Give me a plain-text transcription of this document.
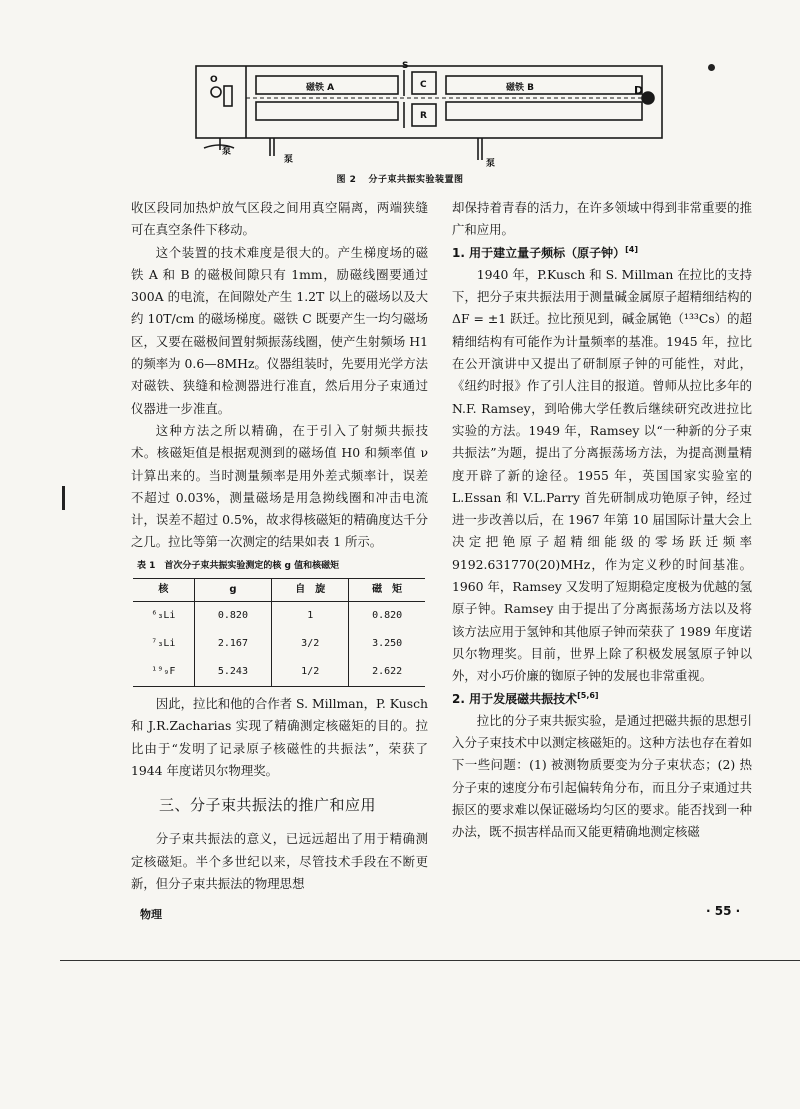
O
S
C
R
D
磁铁 A	磁铁 B
泵
泵	泵
图 2 分子束共振实验装置图

收区段同加热炉放气区段之间用真空隔离，两端狭缝可在真空条件下移动。

这个装置的技术难度是很大的。产生梯度场的磁铁 A 和 B 的磁极间隙只有 1mm，励磁线圈要通过 300A 的电流，在间隙处产生 1.2T 以上的磁场以及大约 10T/cm 的磁场梯度。磁铁 C 既要产生一均匀磁场区，又要在磁极间置射频振荡线圈，使产生射频场 H1 的频率为 0.6—8MHz。仪器组装时，先要用光学方法对磁铁、狭缝和检测器进行准直，然后用分子束通过仪器进一步准直。

这种方法之所以精确，在于引入了射频共振技术。核磁矩值是根据观测到的磁场值 H0 和频率值 ν 计算出来的。当时测量频率是用外差式频率计，误差不超过 0.03%，测量磁场是用急拗线圈和冲击电流计，误差不超过 0.5%，故求得核磁矩的精确度达千分之几。拉比等第一次测定的结果如表 1 所示。

表 1　首次分子束共振实验测定的核 g 值和核磁矩
核	g	自　旋	磁　矩
⁶₃Li	0.820	1	0.820
⁷₃Li	2.167	3/2	3.250
¹⁹₉F	5.243	1/2	2.622

因此，拉比和他的合作者 S. Millman，P. Kusch 和 J.R.Zacharias 实现了精确测定核磁矩的目的。拉比由于“发明了记录原子核磁性的共振法”，荣获了 1944 年度诺贝尔物理奖。

三、分子束共振法的推广和应用

分子束共振法的意义，已远远超出了用于精确测定核磁矩。半个多世纪以来，尽管技术手段在不断更新，但分子束共振法的物理思想

却保持着青春的活力，在许多领域中得到非常重要的推广和应用。

1. 用于建立量子频标（原子钟）[4]

1940 年，P.Kusch 和 S. Millman 在拉比的支持下，把分子束共振法用于测量碱金属原子超精细结构的 ΔF = ±1 跃迁。拉比预见到，碱金属铯（¹³³Cs）的超精细结构有可能作为计量频率的基准。1945 年，拉比在公开演讲中又提出了研制原子钟的可能性，对此，《纽约时报》作了引人注目的报道。曾师从拉比多年的 N.F. Ramsey，到哈佛大学任教后继续研究改进拉比实验的方法。1949 年，Ramsey 以“一种新的分子束共振法”为题，提出了分离振荡场方法，为提高测量精度开辟了新的途径。1955 年，英国国家实验室的 L.Essan 和 V.L.Parry 首先研制成功铯原子钟，经过进一步改善以后，在 1967 年第 10 届国际计量大会上决定把铯原子超精细能级的零场跃迁频率 9192.631770(20)MHz，作为定义秒的时间基准。1960 年，Ramsey 又发明了短期稳定度极为优越的氢原子钟。Ramsey 由于提出了分离振荡场方法以及将该方法应用于氢钟和其他原子钟而荣获了 1989 年度诺贝尔物理奖。目前，世界上除了积极发展氢原子钟以外，对小巧价廉的铷原子钟的发展也非常重视。

2. 用于发展磁共振技术[5,6]

拉比的分子束共振实验，是通过把磁共振的思想引入分子束技术中以测定核磁矩的。这种方法也存在着如下一些问题：(1) 被测物质要变为分子束状态；(2) 热分子束的速度分布引起偏转角分布，而且分子束通过共振区的要求难以保证磁场均匀区的要求。能否找到一种办法，既不损害样品而又能更精确地测定核磁

物理	· 55 ·
